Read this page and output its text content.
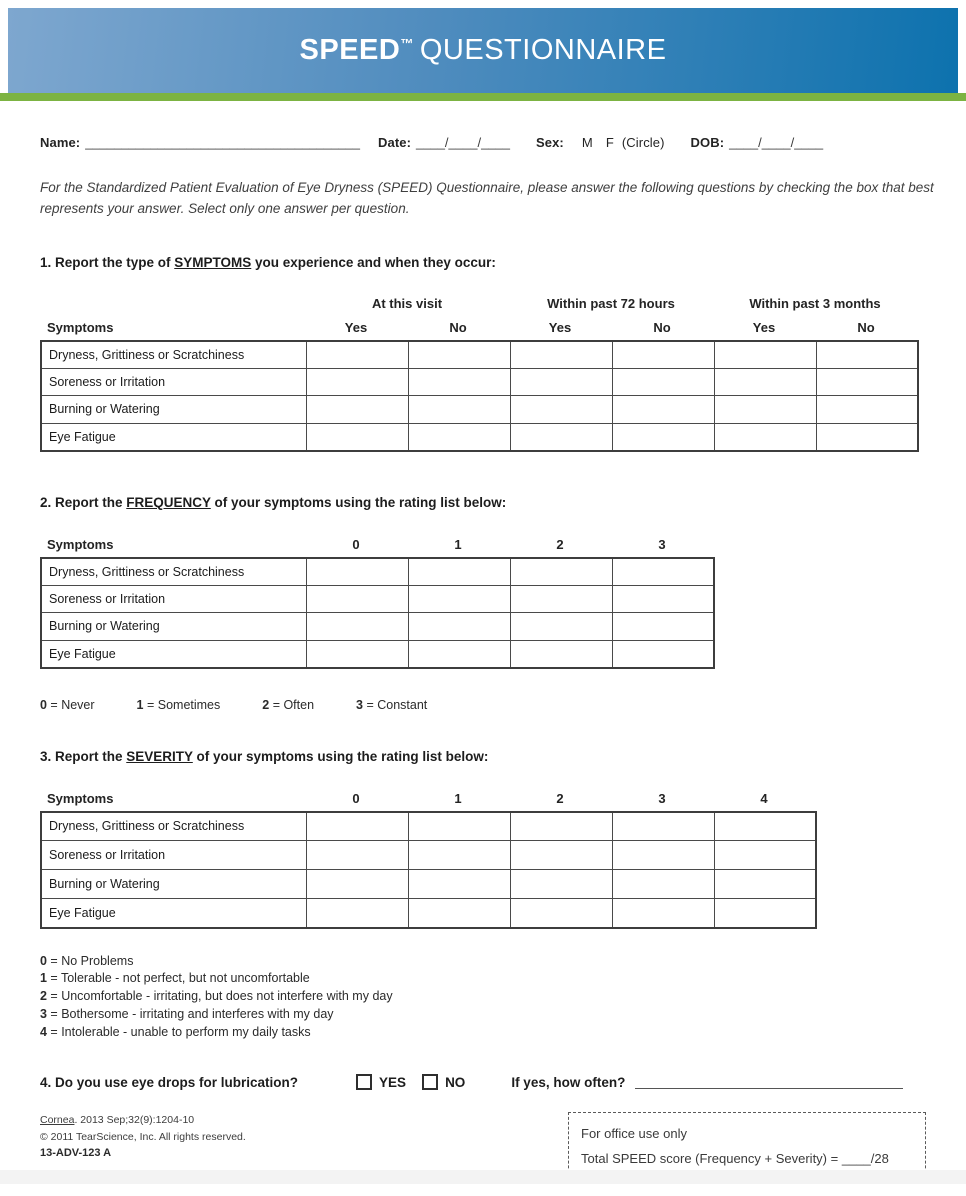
SPEED™ QUESTIONNAIRE
Name: ______________________________________ Date: ____/____/____ Sex: M F (Circle) DOB: ____/____/____

For the Standardized Patient Evaluation of Eye Dryness (SPEED) Questionnaire, please answer the following questions by checking the box that best represents your answer. Select only one answer per question.

1. Report the type of SYMPTOMS you experience and when they occur:
At this visit	Within past 72 hours	Within past 3 months
Symptoms	Yes	No	Yes	No	Yes	No
Dryness, Grittiness or Scratchiness						
Soreness or Irritation						
Burning or Watering						
Eye Fatigue						
2. Report the FREQUENCY of your symptoms using the rating list below:
Symptoms	0	1	2	3
Dryness, Grittiness or Scratchiness				
Soreness or Irritation				
Burning or Watering				
Eye Fatigue				
0 = Never	1 = Sometimes	2 = Often	3 = Constant
3. Report the SEVERITY of your symptoms using the rating list below:
Symptoms	0	1	2	3	4
Dryness, Grittiness or Scratchiness					
Soreness or Irritation					
Burning or Watering					
Eye Fatigue					
0 = No Problems
1 = Tolerable - not perfect, but not uncomfortable
2 = Uncomfortable - irritating, but does not interfere with my day
3 = Bothersome - irritating and interferes with my day
4 = Intolerable - unable to perform my daily tasks
4. Do you use eye drops for lubrication?	YES	NO	If yes, how often?
Cornea. 2013 Sep;32(9):1204-10
© 2011 TearScience, Inc. All rights reserved.
13-ADV-123 A
For office use only
Total SPEED score (Frequency + Severity) = ____/28
